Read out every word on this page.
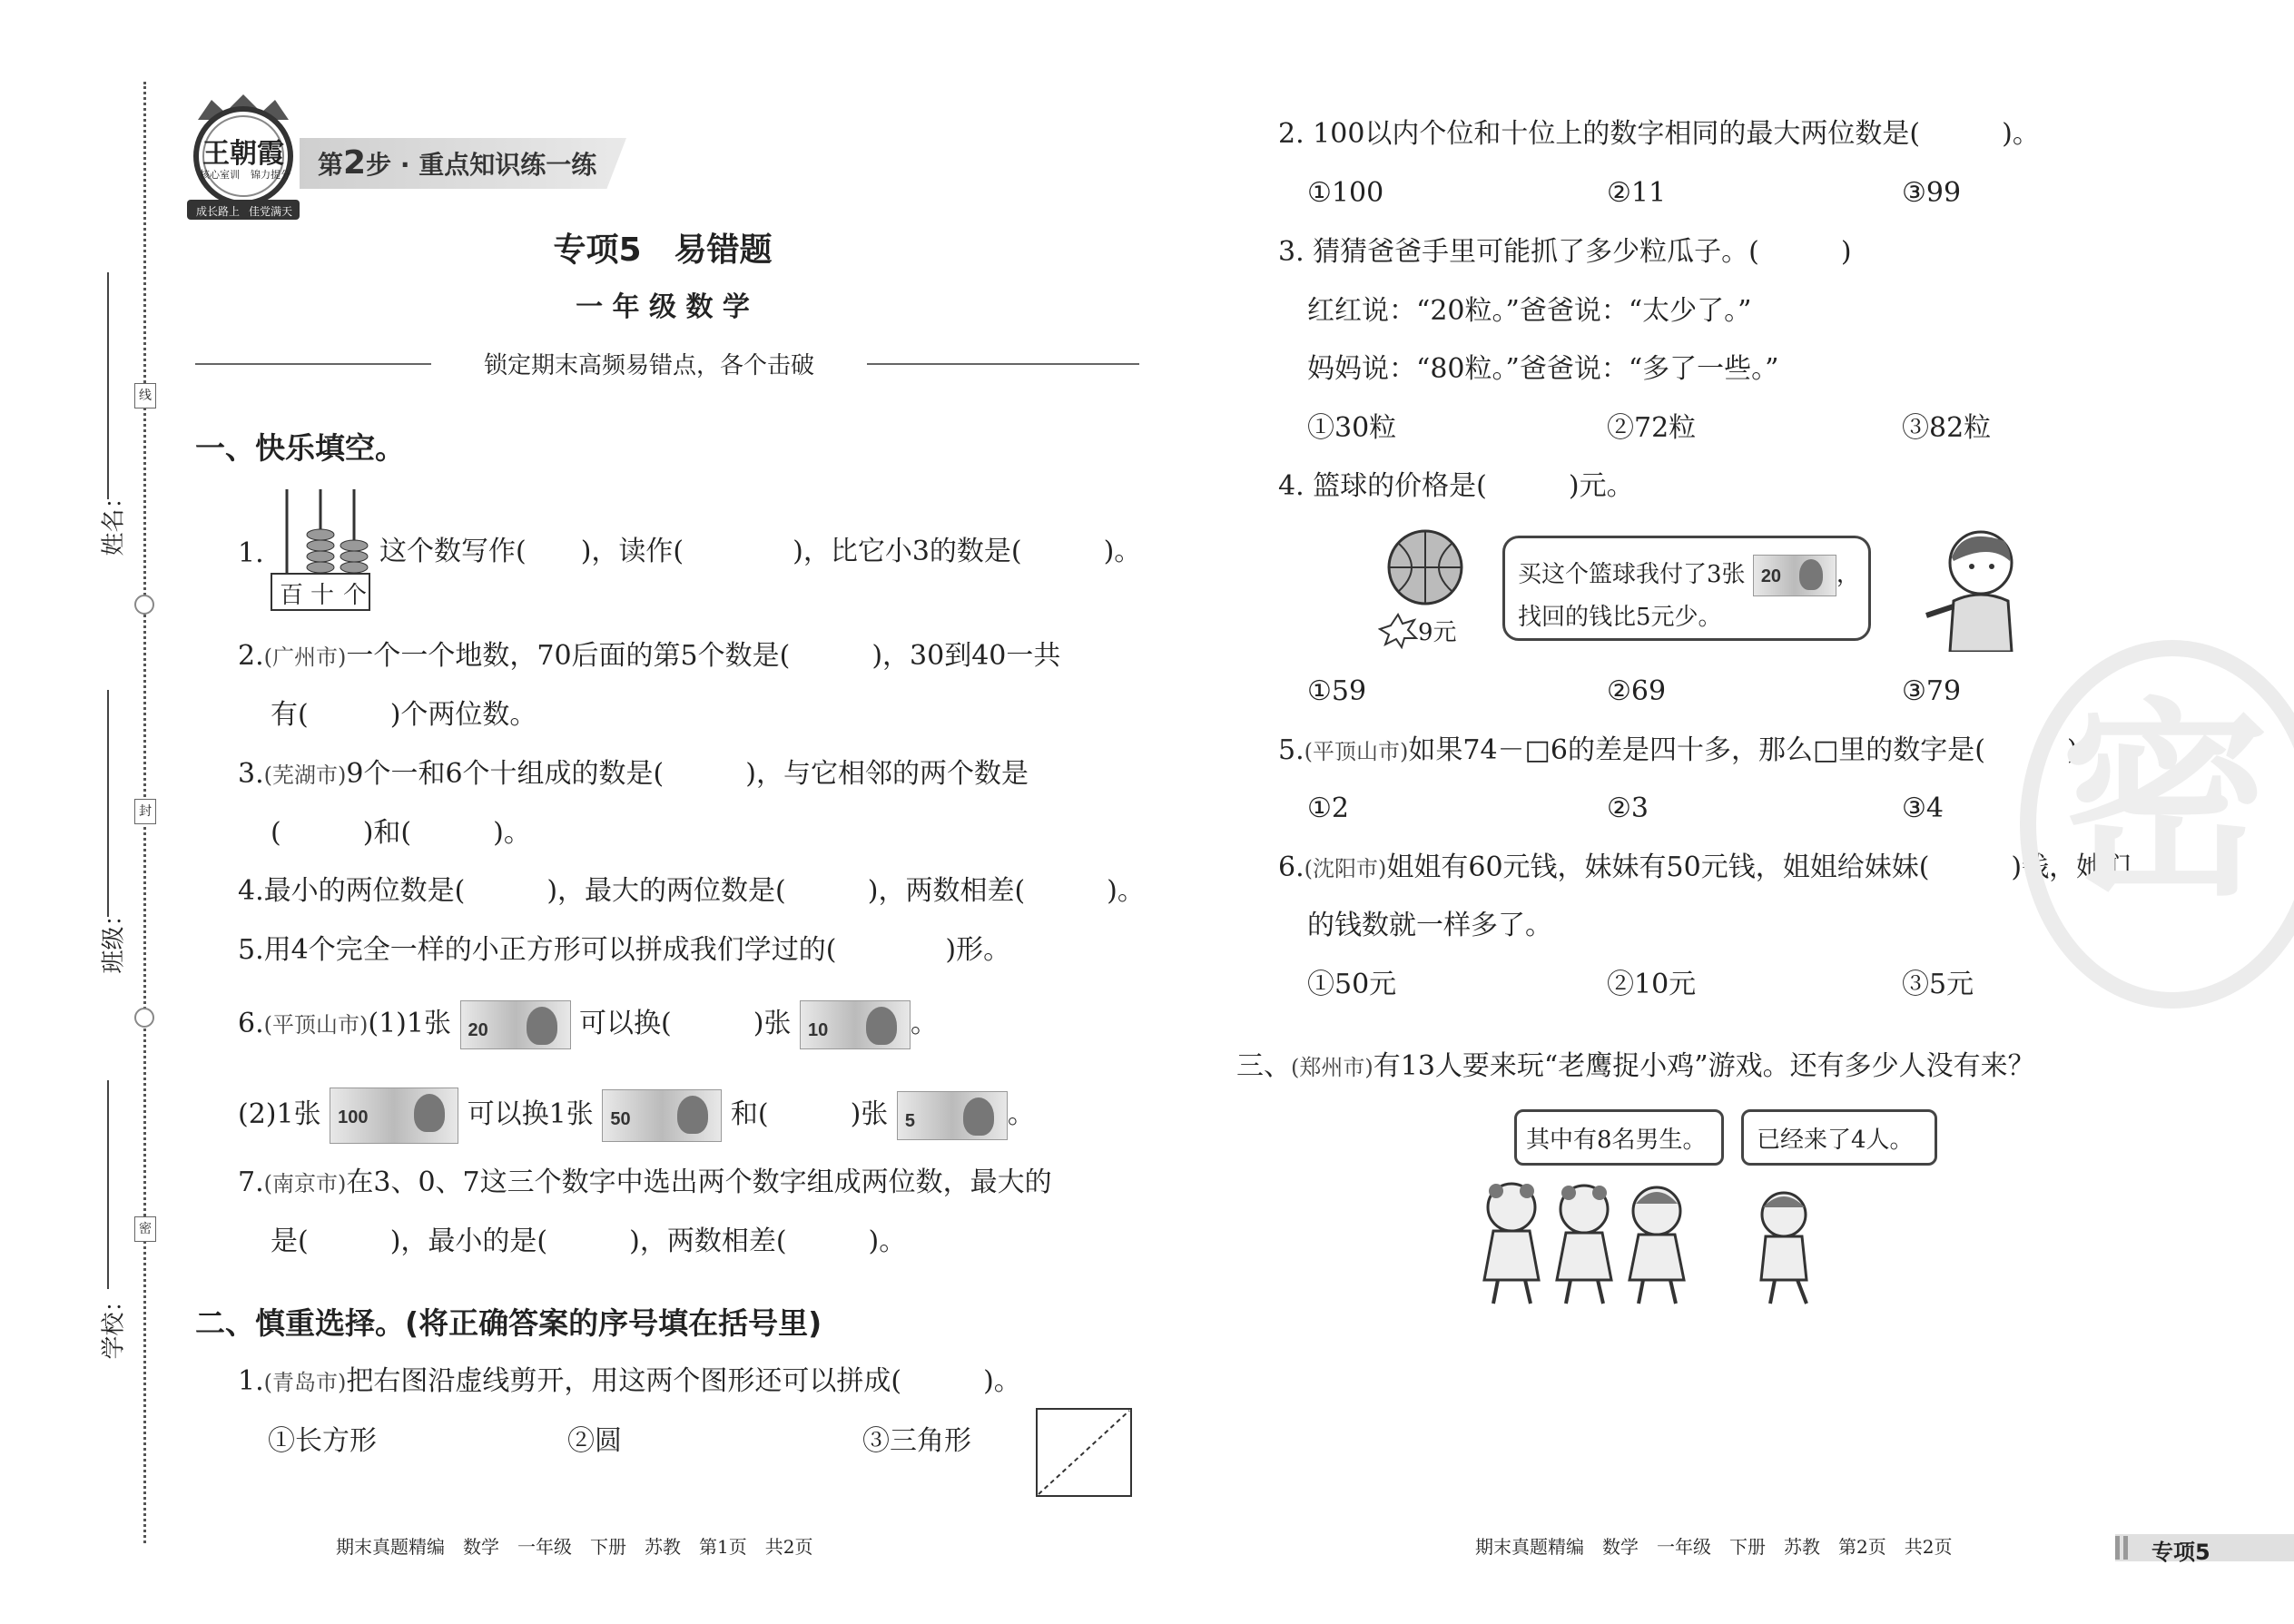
姓名：
班级：
学校：
线
封
密
王朝霞
核心室训 锦力提分
成长路上 佳党满天
第2步 · 重点知识练一练
专项5　易错题
一 年 级 数 学
锁定期末高频易错点，各个击破
一、快乐填空。
1.
百 十 个
这个数写作(　　)，读作(　　　　)，比它小3的数是(　　　)。
2.(广州市)一个一个地数，70后面的第5个数是(　　　)，30到40一共
有(　　　)个两位数。
3.(芜湖市)9个一和6个十组成的数是(　　　)，与它相邻的两个数是
(　　　)和(　　　)。
4.最小的两位数是(　　　)，最大的两位数是(　　　)，两数相差(　　　)。
5.用4个完全一样的小正方形可以拼成我们学过的(　　　　)形。
6.(平顶山市)(1)1张 20	可以换(　　　)张 10	。
(2)1张 100	可以换1张 50	和(　　　)张 5	。
7.(南京市)在3、0、7这三个数字中选出两个数字组成两位数，最大的
是(　　　)，最小的是(　　　)，两数相差(　　　)。
二、慎重选择。(将正确答案的序号填在括号里)
1.(青岛市)把右图沿虚线剪开，用这两个图形还可以拼成(　　　)。
①长方形	②圆	③三角形
2. 100以内个位和十位上的数字相同的最大两位数是(　　　)。
①100	②11	③99
3. 猜猜爸爸手里可能抓了多少粒瓜子。(　　　)
红红说：“20粒。”爸爸说：“太少了。”
妈妈说：“80粒。”爸爸说：“多了一些。”
①30粒	②72粒	③82粒
4. 篮球的价格是(　　　)元。
9元
买这个篮球我付了3张 20 ，
找回的钱比5元少。
①59	②69	③79
5.(平顶山市)如果74－□6的差是四十多，那么□里的数字是(　　　)。
①2	②3	③4
6.(沈阳市)姐姐有60元钱，妹妹有50元钱，姐姐给妹妹(　　　)钱，她们
的钱数就一样多了。
①50元	②10元	③5元
三、(郑州市)有13人要来玩“老鹰捉小鸡”游戏。还有多少人没有来？
其中有8名男生。 已经来了4人。
密
期末真题精编　数学　一年级　下册　苏教　第1页　共2页	期末真题精编　数学　一年级　下册　苏教　第2页　共2页	专项5
